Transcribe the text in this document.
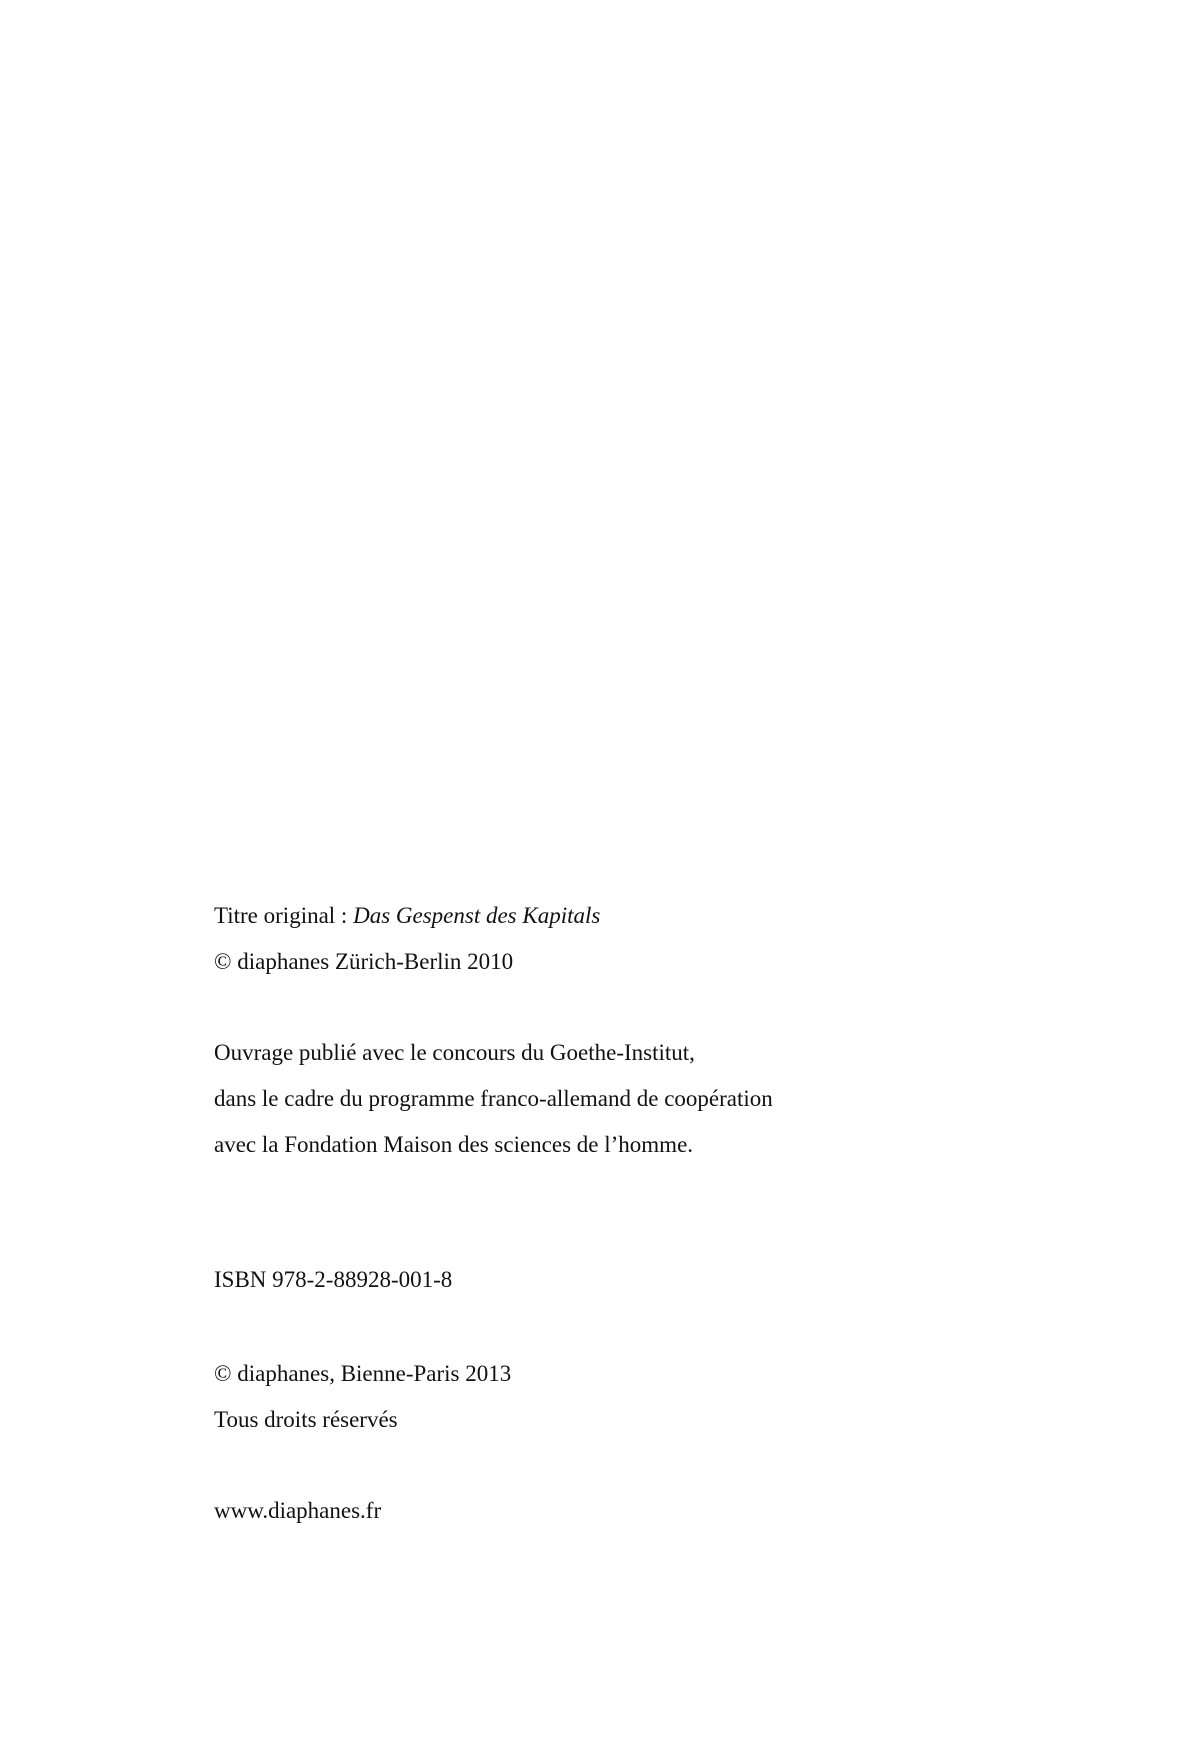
Titre original : Das Gespenst des Kapitals
© diaphanes Zürich-Berlin 2010
Ouvrage publié avec le concours du Goethe-Institut,
dans le cadre du programme franco-allemand de coopération
avec la Fondation Maison des sciences de l’homme.
ISBN 978-2-88928-001-8
© diaphanes, Bienne-Paris 2013
Tous droits réservés
www.diaphanes.fr
